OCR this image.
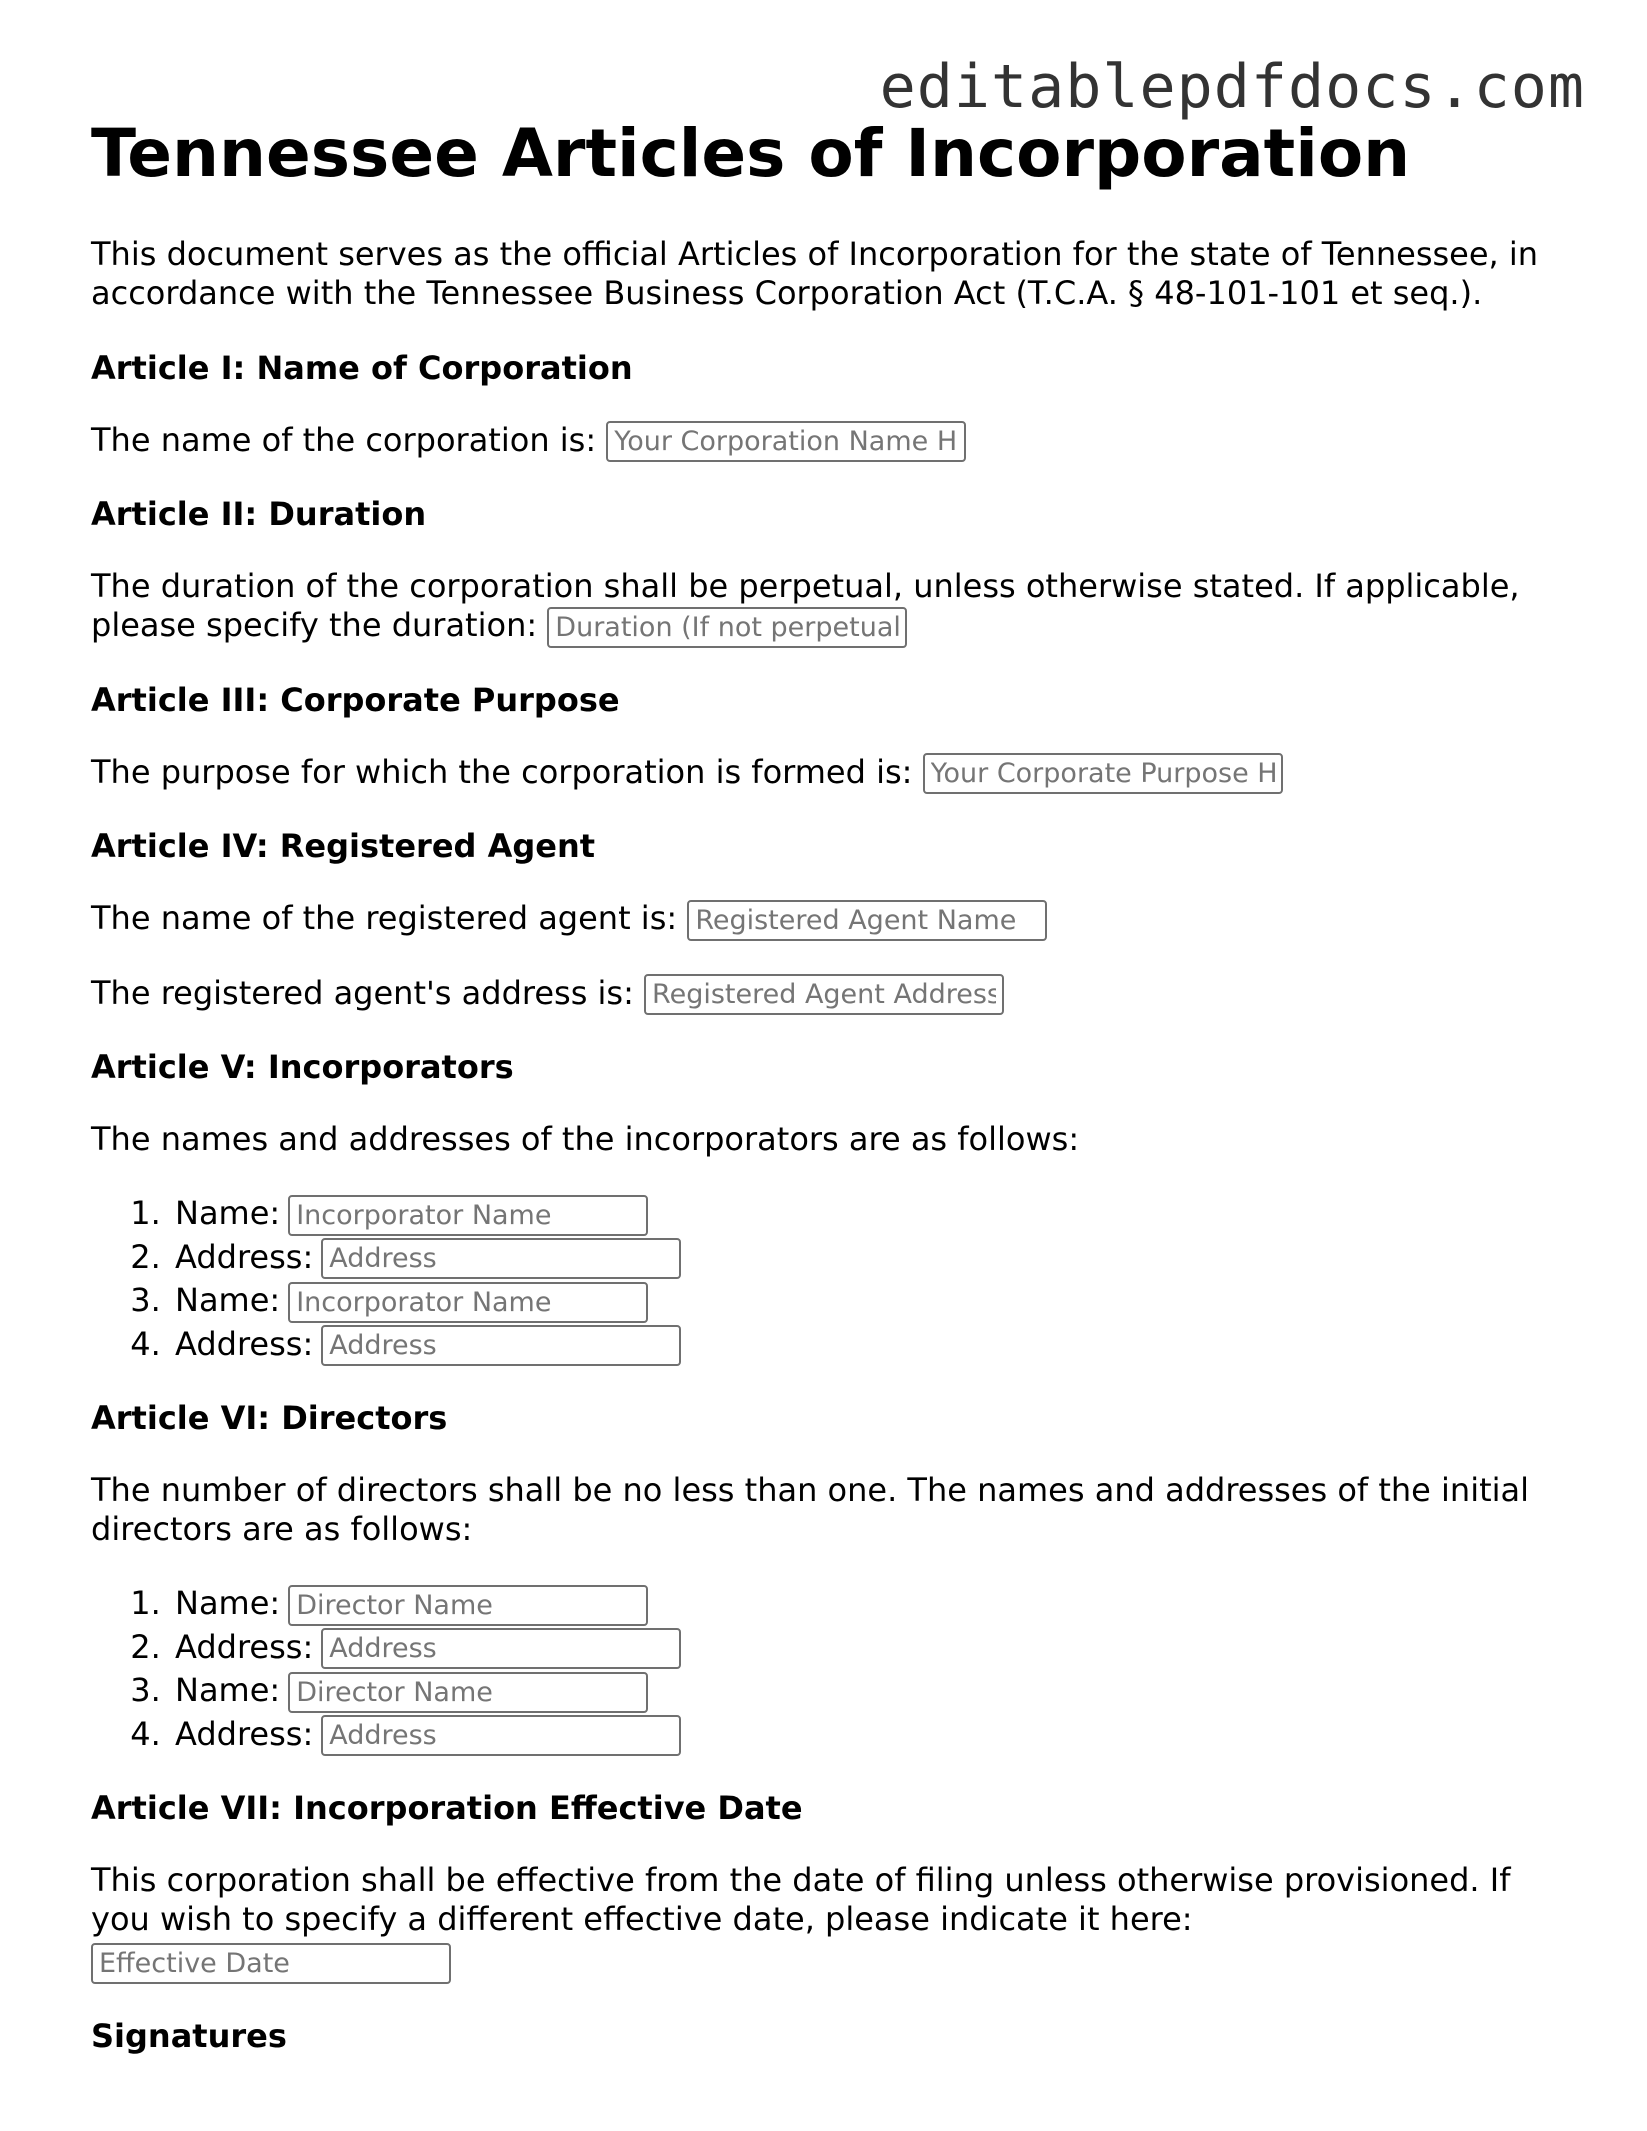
editablepdfdocs.com
Tennessee Articles of Incorporation

This document serves as the official Articles of Incorporation for the state of Tennessee, in accordance with the Tennessee Business Corporation Act (T.C.A. § 48-101-101 et seq.).

Article I: Name of Corporation

The name of the corporation is: Your Corporation Name Here

Article II: Duration

The duration of the corporation shall be perpetual, unless otherwise stated. If applicable, please specify the duration: Duration (If not perpetual)

Article III: Corporate Purpose

The purpose for which the corporation is formed is: Your Corporate Purpose Here

Article IV: Registered Agent

The name of the registered agent is: Registered Agent Name

The registered agent's address is: Registered Agent Address

Article V: Incorporators

The names and addresses of the incorporators are as follows:

1. Name:Incorporator Name
2. Address:Address
3. Name:Incorporator Name
4. Address:Address
Article VI: Directors

The number of directors shall be no less than one. The names and addresses of the initial directors are as follows:

1. Name:Director Name
2. Address:Address
3. Name:Director Name
4. Address:Address
Article VII: Incorporation Effective Date

This corporation shall be effective from the date of filing unless otherwise provisioned. If you wish to specify a different effective date, please indicate it here:
Effective Date

Signatures
